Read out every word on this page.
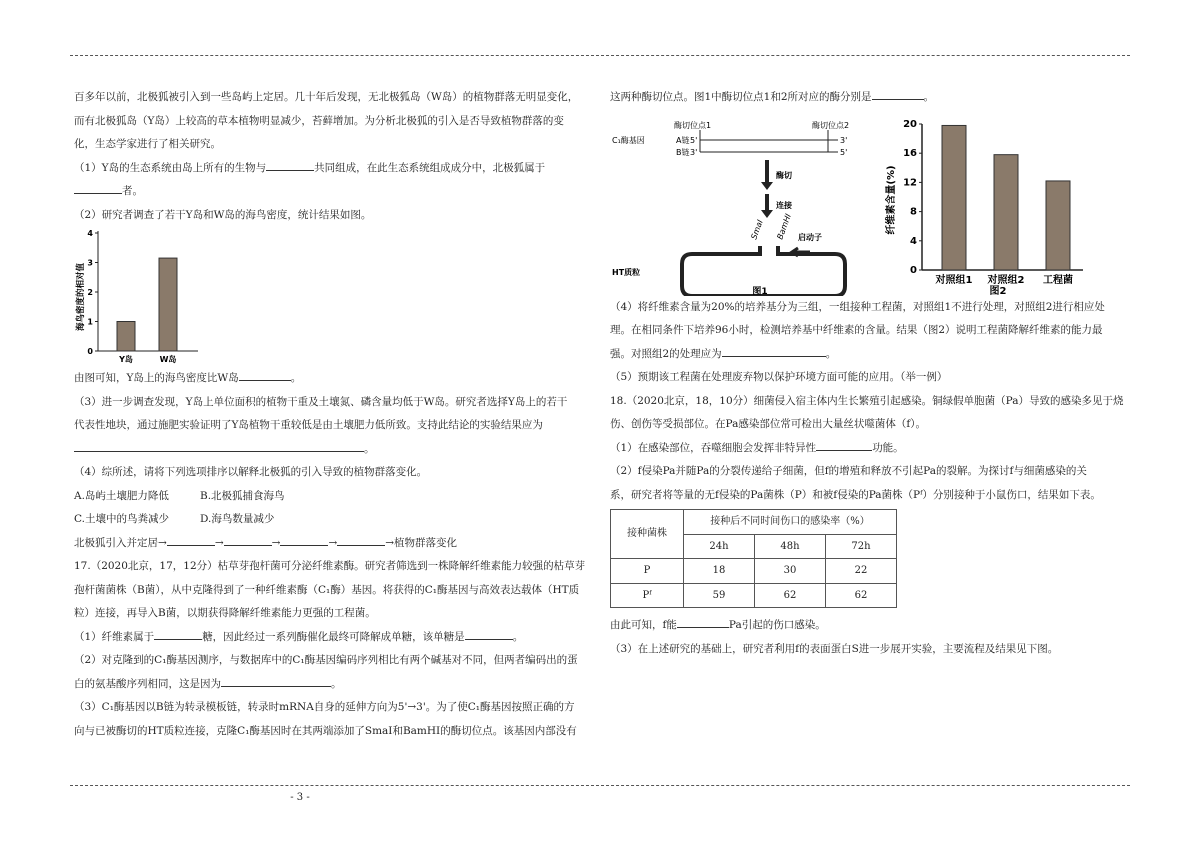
百多年以前，北极狐被引入到一些岛屿上定居。几十年后发现，无北极狐岛（W岛）的植物群落无明显变化，

而有北极狐岛（Y岛）上较高的草本植物明显减少，苔藓增加。为分析北极狐的引入是否导致植物群落的变

化，生态学家进行了相关研究。

（1）Y岛的生态系统由岛上所有的生物与	共同组成，在此生态系统组成成分中，北极狐属于

者。

（2）研究者调查了若干Y岛和W岛的海鸟密度，统计结果如图。

海鸟密度的相对值
0
1
2
3
4
Y岛	W岛

由图可知，Y岛上的海鸟密度比W岛	。

（3）进一步调查发现，Y岛上单位面积的植物干重及土壤氮、磷含量均低于W岛。研究者选择Y岛上的若干

代表性地块，通过施肥实验证明了Y岛植物干重较低是由土壤肥力低所致。支持此结论的实验结果应为

。

（4）综所述，请将下列选项排序以解释北极狐的引入导致的植物群落变化。

A.岛屿土壤肥力降低	B.北极狐捕食海鸟

C.土壤中的鸟粪减少	D.海鸟数量减少

北极狐引入并定居→	→	→	→	→植物群落变化

17.（2020北京，17，12分）枯草芽孢杆菌可分泌纤维素酶。研究者筛选到一株降解纤维素能力较强的枯草芽

孢杆菌菌株（B菌），从中克隆得到了一种纤维素酶（C₁酶）基因。将获得的C₁酶基因与高效表达载体（HT质

粒）连接，再导入B菌，以期获得降解纤维素能力更强的工程菌。

（1）纤维素属于	糖，因此经过一系列酶催化最终可降解成单糖，该单糖是	。

（2）对克隆到的C₁酶基因测序，与数据库中的C₁酶基因编码序列相比有两个碱基对不同，但两者编码出的蛋

白的氨基酸序列相同，这是因为	。

（3）C₁酶基因以B链为转录模板链，转录时mRNA自身的延伸方向为5'→3'。为了使C₁酶基因按照正确的方

向与已被酶切的HT质粒连接，克隆C₁酶基因时在其两端添加了SmaⅠ和BamHⅠ的酶切位点。该基因内部没有

这两种酶切位点。图1中酶切位点1和2所对应的酶分别是	。

C₁酶基因
酶切位点1	酶切位点2
A链
B链
5'
3'
3'
5'
酶切
连接
SmaⅠ BamHⅠ 启动子
HT质粒
图1
纤维素含量(%)
0
4
8
12
16
20
对照组1 对照组2 工程菌
图2

（4）将纤维素含量为20%的培养基分为三组，一组接种工程菌，对照组1不进行处理，对照组2进行相应处

理。在相同条件下培养96小时，检测培养基中纤维素的含量。结果（图2）说明工程菌降解纤维素的能力最

强。对照组2的处理应为	。

（5）预期该工程菌在处理废弃物以保护环境方面可能的应用。（举一例）

18.（2020北京，18，10分）细菌侵入宿主体内生长繁殖引起感染。铜绿假单胞菌（Pa）导致的感染多见于烧

伤、创伤等受损部位。在Pa感染部位常可检出大量丝状噬菌体（f）。

（1）在感染部位，吞噬细胞会发挥非特异性	功能。

（2）f侵染Pa并随Pa的分裂传递给子细菌，但f的增殖和释放不引起Pa的裂解。为探讨f与细菌感染的关

系，研究者将等量的无f侵染的Pa菌株（P）和被f侵染的Pa菌株（Pᶠ）分别接种于小鼠伤口，结果如下表。

接种菌株	接种后不同时间伤口的感染率（%）		
	24h	48h	72h
P	18	30	22
Pᶠ	59	62	62

由此可知，f能	Pa引起的伤口感染。

（3）在上述研究的基础上，研究者利用f的表面蛋白S进一步展开实验，主要流程及结果见下图。

- 3 -
